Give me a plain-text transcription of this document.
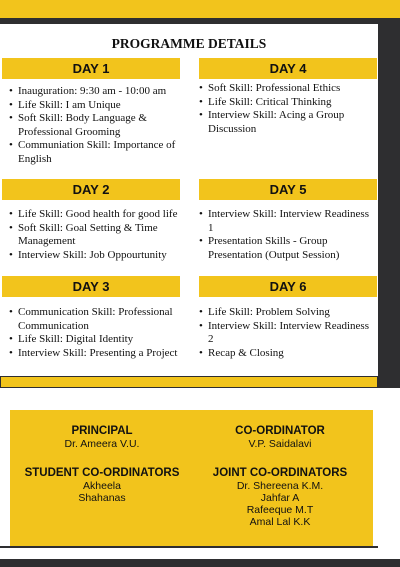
PROGRAMME DETAILS
DAY 1
• Inauguration: 9:30 am - 10:00 am
• Life Skill: I am Unique
• Soft Skill: Body Language & Professional Grooming
• Communiation Skill: Importance of English
DAY 4
• Soft Skill: Professional Ethics
• Life Skill: Critical Thinking
• Interview Skill: Acing a Group Discussion
DAY 2
• Life Skill: Good health for good life
• Soft Skill: Goal Setting & Time Management
• Interview Skill: Job Oppourtunity
DAY 5
• Interview Skill: Interview Readiness 1
• Presentation Skills - Group Presentation (Output Session)
DAY 3
• Communication Skill: Professional Communication
• Life Skill: Digital Identity
• Interview Skill: Presenting a Project
DAY 6
• Life Skill: Problem Solving
• Interview Skill: Interview Readiness 2
• Recap & Closing
PRINCIPAL
Dr. Ameera V.U.
CO-ORDINATOR
V.P. Saidalavi
STUDENT CO-ORDINATORS
Akheela
Shahanas
JOINT CO-ORDINATORS
Dr. Shereena K.M.
Jahfar A
Rafeeque M.T
Amal Lal K.K
